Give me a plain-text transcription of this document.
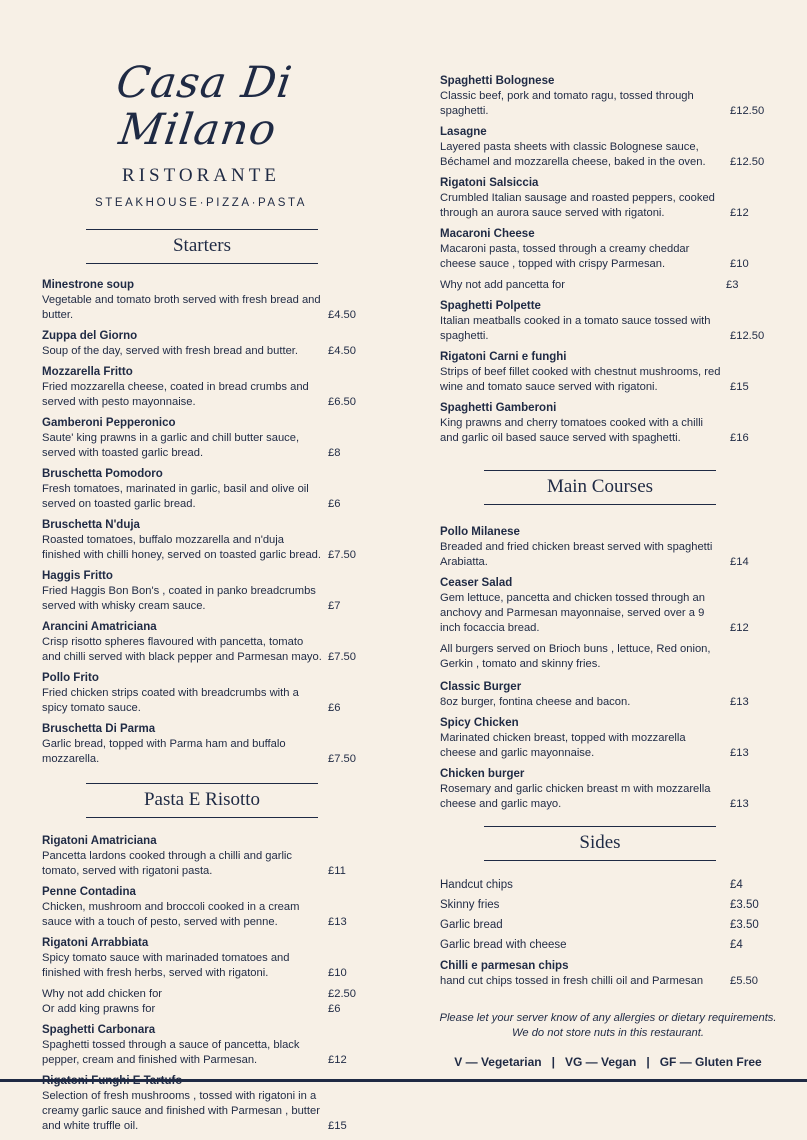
Casa Di Milano
RISTORANTE
STEAKHOUSE·PIZZA·PASTA
Starters
Minestrone soup
Vegetable and tomato broth served with fresh bread and butter.	£4.50
Zuppa del Giorno
Soup of the day, served with fresh bread and butter.	£4.50
Mozzarella Fritto
Fried mozzarella cheese, coated in bread crumbs and served with pesto mayonnaise.	£6.50
Gamberoni Pepperonico
Saute' king prawns in a garlic and chill butter sauce, served with toasted garlic bread.	£8
Bruschetta Pomodoro
Fresh tomatoes, marinated in garlic, basil and olive oil served on toasted garlic bread.	£6
Bruschetta N'duja
Roasted tomatoes, buffalo mozzarella and n'duja finished with chilli honey, served on toasted garlic bread. £7.50
Haggis Fritto
Fried Haggis Bon Bon's , coated in panko breadcrumbs served with whisky cream sauce.	£7
Arancini Amatriciana
Crisp risotto spheres flavoured with pancetta, tomato and chilli served with black pepper and Parmesan mayo. £7.50
Pollo Frito
Fried chicken strips coated with breadcrumbs with a spicy tomato sauce.	£6
Bruschetta Di Parma
Garlic bread, topped with Parma ham and buffalo mozzarella.	£7.50
Pasta E Risotto
Rigatoni Amatriciana
Pancetta lardons cooked through a chilli and garlic tomato, served with rigatoni pasta.	£11
Penne Contadina
Chicken, mushroom and broccoli cooked in a cream sauce with a touch of pesto, served with penne.	£13
Rigatoni Arrabbiata
Spicy tomato sauce with marinaded tomatoes and finished with fresh herbs, served with rigatoni.	£10
Why not add chicken for	£2.50
Or add king prawns for	£6
Spaghetti Carbonara
Spaghetti tossed through a sauce of pancetta, black pepper, cream and finished with Parmesan.	£12
Selection of fresh mushrooms , tossed with rigatoni in a creamy garlic sauce and finished with Parmesan , butter and white truffle oil.	£15
Spaghetti Bolognese
Classic beef, pork and tomato ragu, tossed through spaghetti.	£12.50
Lasagne
Layered pasta sheets with classic Bolognese sauce, Béchamel and mozzarella cheese, baked in the oven.	£12.50
Rigatoni Salsiccia
Crumbled Italian sausage and roasted peppers, cooked through an aurora sauce served with rigatoni.	£12
Macaroni Cheese
Macaroni pasta, tossed through a creamy cheddar cheese sauce , topped with crispy Parmesan.	£10
Why not add pancetta for	£3
Spaghetti Polpette
Italian meatballs cooked in a tomato sauce tossed with spaghetti.	£12.50
Rigatoni Carni e funghi
Strips of beef fillet cooked with chestnut mushrooms, red wine and tomato sauce served with rigatoni.	£15
Spaghetti Gamberoni
King prawns and cherry tomatoes cooked with a chilli and garlic oil based sauce served with spaghetti.	£16
Main Courses
Pollo Milanese
Breaded and fried chicken breast served with spaghetti Arabiatta.	£14
Ceaser Salad
Gem lettuce, pancetta and chicken tossed through an anchovy and Parmesan mayonnaise, served over a 9 inch focaccia bread.	£12
All burgers served on Brioch buns , lettuce, Red onion, Gerkin , tomato and skinny fries.
Classic Burger
8oz burger, fontina cheese and bacon.	£13
Spicy Chicken
Marinated chicken breast, topped with mozzarella cheese and garlic mayonnaise.	£13
Chicken burger
Rosemary and garlic chicken breast m with mozzarella cheese and garlic mayo.	£13
Sides
Handcut chips	£4
Skinny fries	£3.50
Garlic bread	£3.50
Garlic bread with cheese	£4
Chilli e parmesan chips
hand cut chips tossed in fresh chilli oil and Parmesan	£5.50
Please let your server know of any allergies or dietary requirements.
We do not store nuts in this restaurant.
V — Vegetarian   |   VG — Vegan   |   GF — Gluten Free
